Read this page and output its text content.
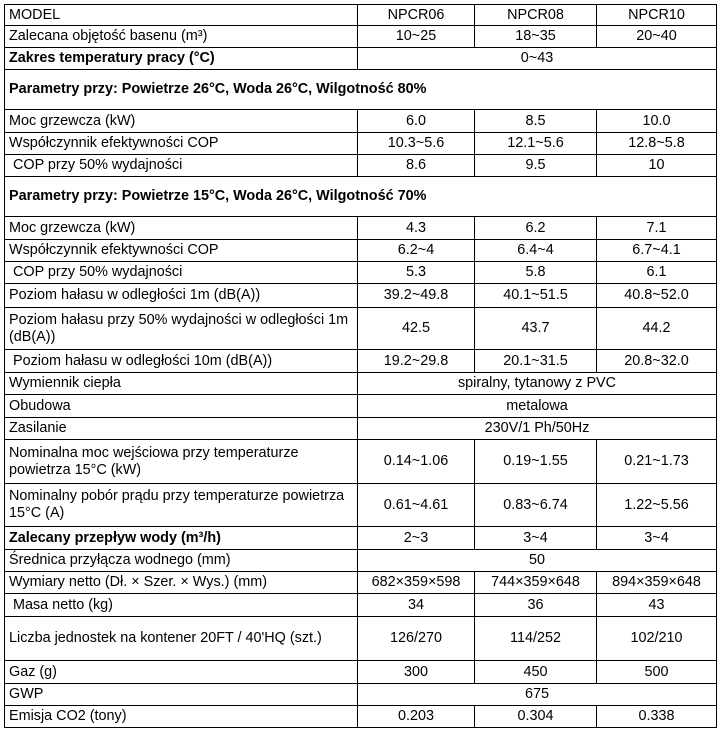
MODEL	NPCR06	NPCR08	NPCR10
Zalecana objętość basenu (m³)	10~25	18~35	20~40
Zakres temperatury pracy (°C)	0~43		
Parametry przy: Powietrze 26°C, Woda 26°C, Wilgotność 80%			
Moc grzewcza (kW)	6.0	8.5	10.0
Współczynnik efektywności COP	10.3~5.6	12.1~5.6	12.8~5.8
COP przy 50% wydajności	8.6	9.5	10
Parametry przy: Powietrze 15°C, Woda 26°C, Wilgotność 70%			
Moc grzewcza (kW)	4.3	6.2	7.1
Współczynnik efektywności COP	6.2~4	6.4~4	6.7~4.1
COP przy 50% wydajności	5.3	5.8	6.1
Poziom hałasu w odległości 1m (dB(A))	39.2~49.8	40.1~51.5	40.8~52.0
Poziom hałasu przy 50% wydajności w odległości 1m (dB(A))	42.5	43.7	44.2
Poziom hałasu w odległości 10m (dB(A))	19.2~29.8	20.1~31.5	20.8~32.0
Wymiennik ciepła	spiralny, tytanowy z PVC		
Obudowa	metalowa		
Zasilanie	230V/1 Ph/50Hz		
Nominalna moc wejściowa przy temperaturze powietrza 15°C (kW)	0.14~1.06	0.19~1.55	0.21~1.73
Nominalny pobór prądu przy temperaturze powietrza 15°C (A)	0.61~4.61	0.83~6.74	1.22~5.56
Zalecany przepływ wody (m³/h)	2~3	3~4	3~4
Średnica przyłącza wodnego (mm)	50		
Wymiary netto (Dł. × Szer. × Wys.) (mm)	682×359×598	744×359×648	894×359×648
Masa netto (kg)	34	36	43
Liczba jednostek na kontener 20FT / 40'HQ (szt.)	126/270	114/252	102/210
Gaz (g)	300	450	500
GWP	675		
Emisja CO2 (tony)	0.203	0.304	0.338
